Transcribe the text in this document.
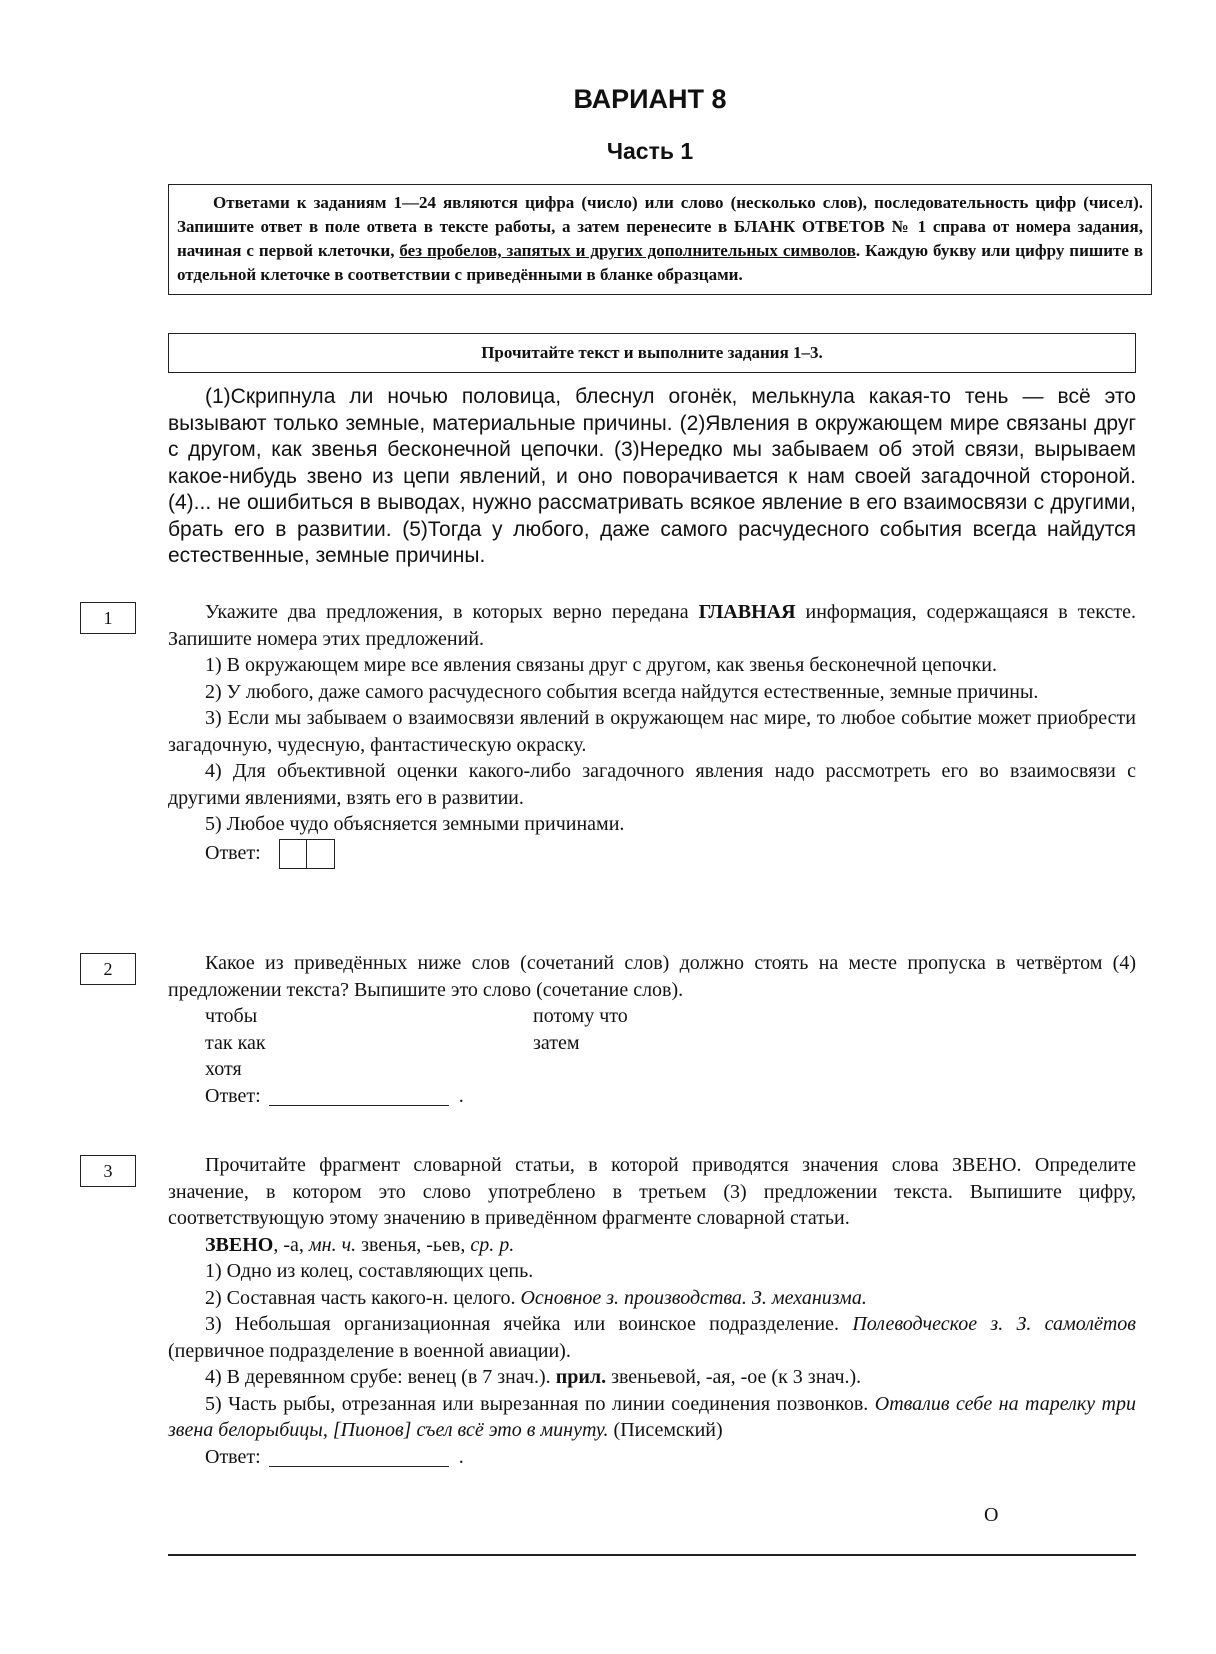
ВАРИАНТ 8
Часть 1
Ответами к заданиям 1—24 являются цифра (число) или слово (несколько слов), последовательность цифр (чисел). Запишите ответ в поле ответа в тексте работы, а затем перенесите в БЛАНК ОТВЕТОВ № 1 справа от номера задания, начиная с первой клеточки, без пробелов, запятых и других дополнительных символов. Каждую букву или цифру пишите в отдельной клеточке в соответствии с приведёнными в бланке образцами.
Прочитайте текст и выполните задания 1–3.
(1)Скрипнула ли ночью половица, блеснул огонёк, мелькнула какая-то тень — всё это вызывают только земные, материальные причины. (2)Явления в окружающем мире связаны друг с другом, как звенья бесконечной цепочки. (3)Нередко мы забываем об этой связи, вырываем какое-нибудь звено из цепи явлений, и оно поворачивается к нам своей загадочной стороной. (4)... не ошибиться в выводах, нужно рассматривать всякое явление в его взаимосвязи с другими, брать его в развитии. (5)Тогда у любого, даже самого расчудесного события всегда найдутся естественные, земные причины.
1	Укажите два предложения, в которых верно передана ГЛАВНАЯ информация, содержащаяся в тексте. Запишите номера этих предложений.

1) В окружающем мире все явления связаны друг с другом, как звенья бесконечной цепочки.

2) У любого, даже самого расчудесного события всегда найдутся естественные, земные причины.

3) Если мы забываем о взаимосвязи явлений в окружающем нас мире, то любое событие может приобрести загадочную, чудесную, фантастическую окраску.

4) Для объективной оценки какого-либо загадочного явления надо рассмотреть его во взаимосвязи с другими явлениями, взять его в развитии.

5) Любое чудо объясняется земными причинами.

Ответ:
2	Какое из приведённых ниже слов (сочетаний слов) должно стоять на месте пропуска в четвёртом (4) предложении текста? Выпишите это слово (сочетание слов).

чтобы	потому что
так как	затем
хотя
Ответ:	.
3	Прочитайте фрагмент словарной статьи, в которой приводятся значения слова ЗВЕНО. Определите значение, в котором это слово употреблено в третьем (3) предложении текста. Выпишите цифру, соответствующую этому значению в приведённом фрагменте словарной статьи.

ЗВЕНО, -а, мн. ч. звенья, -ьев, ср. р.

1) Одно из колец, составляющих цепь.

2) Составная часть какого-н. целого. Основное з. производства. З. механизма.

3) Небольшая организационная ячейка или воинское подразделение. Полеводческое з. З. самолётов (первичное подразделение в военной авиации).

4) В деревянном срубе: венец (в 7 знач.). прил. звеньевой, -ая, -ое (к 3 знач.).

5) Часть рыбы, отрезанная или вырезанная по линии соединения позвонков. Отвалив себе на тарелку три звена белорыбицы, [Пионов] съел всё это в минуту. (Писемский)

Ответ:	.
О
